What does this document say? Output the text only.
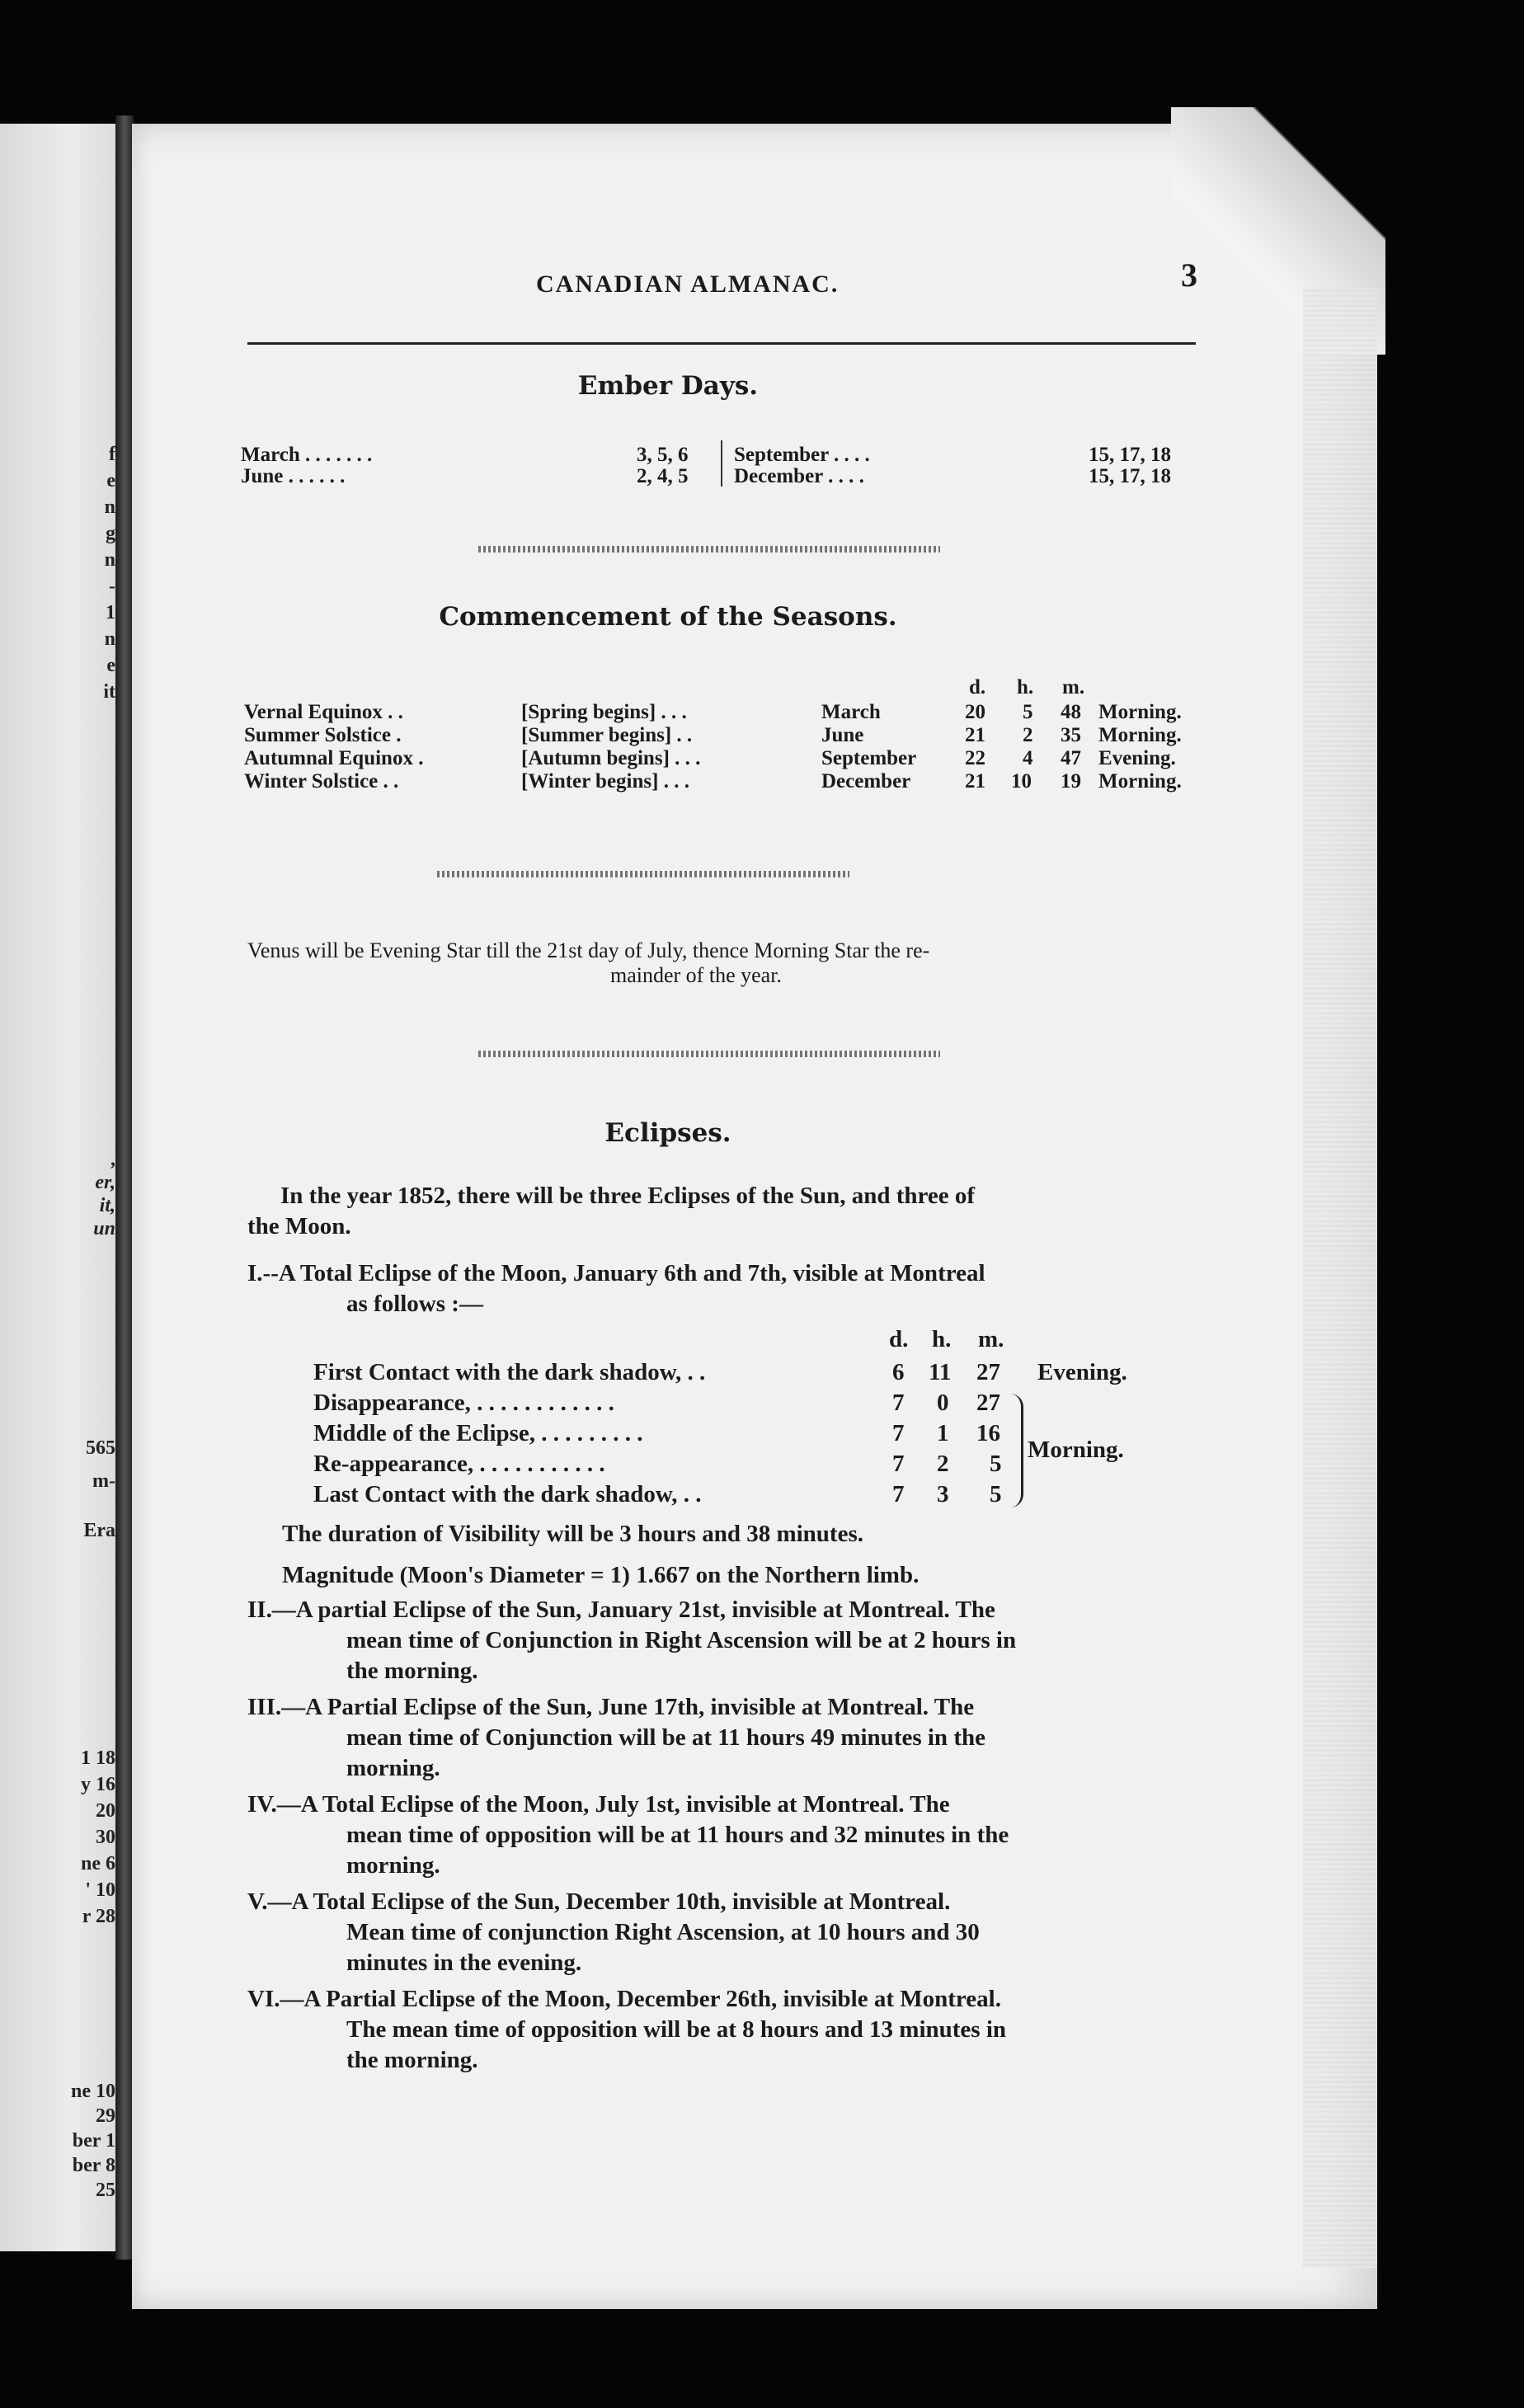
f
e
n
g
n
-
1
n
e
it
,
er,
it,
un
565
m-
Era
1 18
y 16
20
30
ne 6
' 10
r 28
ne 10
29
ber 1
ber 8
25
CANADIAN ALMANAC.	3
Ember Days.
March . . . . . . .	3, 5, 6 September . . . .	15, 17, 18
June . . . . . .	2, 4, 5 December . . . .	15, 17, 18
Commencement of the Seasons.
d. h. m.
Vernal Equinox . .	[Spring begins] . . .	March	20 5 48 Morning.
Summer Solstice .	[Summer begins] . .	June	21 2 35 Morning.
Autumnal Equinox .	[Autumn begins] . . .	September 22 4 47 Evening.
Winter Solstice . .	[Winter begins] . . .	December	21 10 19 Morning.
Venus will be Evening Star till the 21st day of July, thence Morning Star the re-
mainder of the year.
Eclipses.
In the year 1852, there will be three Eclipses of the Sun, and three of
the Moon.
I.--A Total Eclipse of the Moon, January 6th and 7th, visible at Montreal
as follows :—
d. h. m.
First Contact with the dark shadow, . .	6 11 27 Evening.
Disappearance, . . . . . . . . . . . .	7 0 27
Middle of the Eclipse, . . . . . . . . .	7 1 16
Re-appearance, . . . . . . . . . . .	7 2 5
Last Contact with the dark shadow, . .	7 3 5
Morning.
The duration of Visibility will be 3 hours and 38 minutes.
Magnitude (Moon's Diameter = 1) 1.667 on the Northern limb.
II.—A partial Eclipse of the Sun, January 21st, invisible at Montreal. The
mean time of Conjunction in Right Ascension will be at 2 hours in
the morning.
III.—A Partial Eclipse of the Sun, June 17th, invisible at Montreal. The
mean time of Conjunction will be at 11 hours 49 minutes in the
morning.
IV.—A Total Eclipse of the Moon, July 1st, invisible at Montreal. The
mean time of opposition will be at 11 hours and 32 minutes in the
morning.
V.—A Total Eclipse of the Sun, December 10th, invisible at Montreal.
Mean time of conjunction Right Ascension, at 10 hours and 30
minutes in the evening.
VI.—A Partial Eclipse of the Moon, December 26th, invisible at Montreal.
The mean time of opposition will be at 8 hours and 13 minutes in
the morning.
